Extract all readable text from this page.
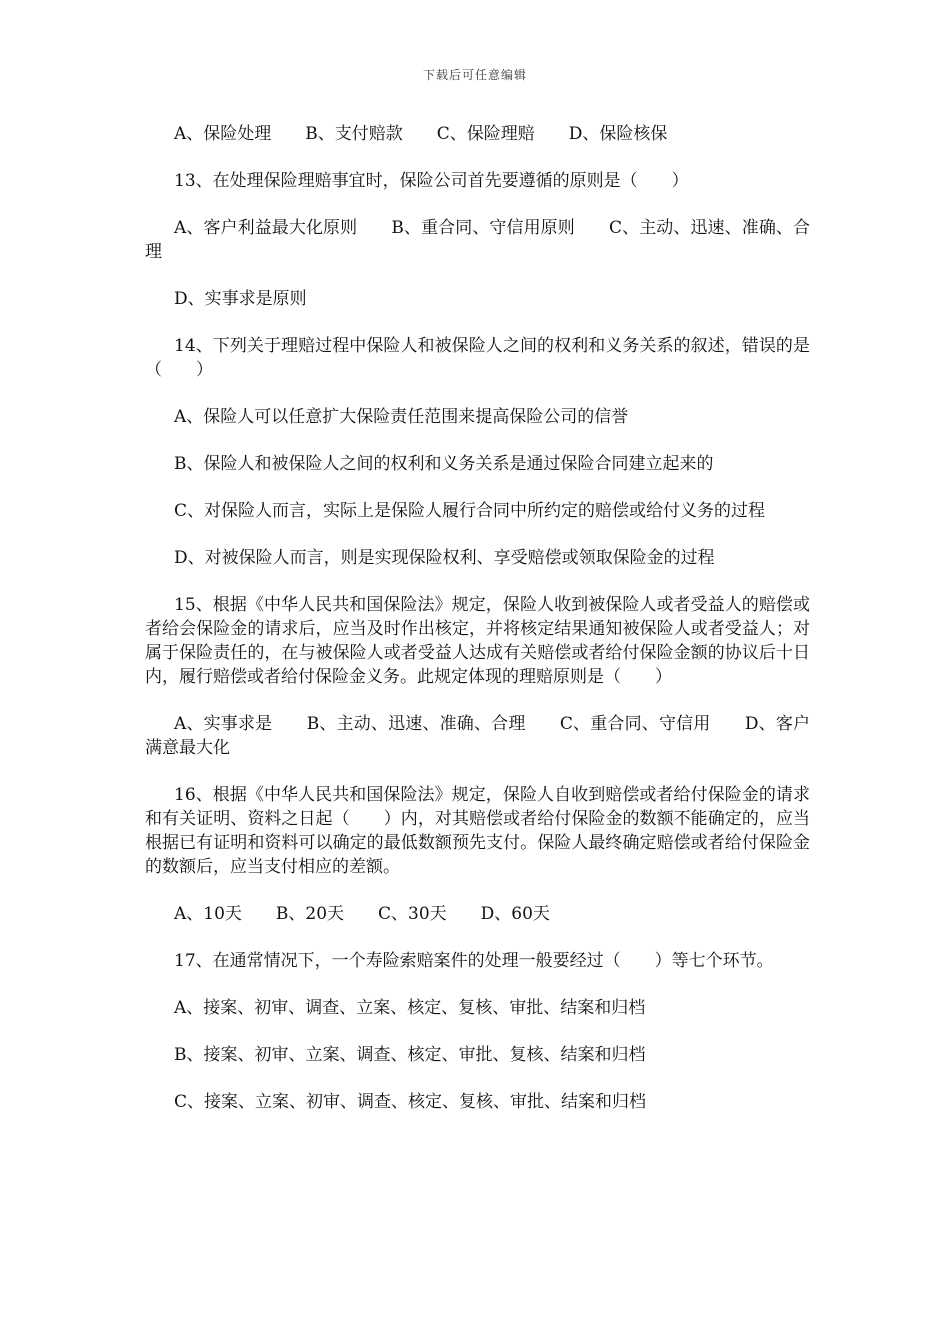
下载后可任意编辑

A、保险处理　　B、支付赔款　　C、保险理赔　　D、保险核保

13、在处理保险理赔事宜时，保险公司首先要遵循的原则是（　　）

A、客户利益最大化原则　　B、重合同、守信用原则　　C、主动、迅速、准确、合理

D、实事求是原则

14、下列关于理赔过程中保险人和被保险人之间的权利和义务关系的叙述，错误的是（　　）

A、保险人可以任意扩大保险责任范围来提高保险公司的信誉

B、保险人和被保险人之间的权利和义务关系是通过保险合同建立起来的

C、对保险人而言，实际上是保险人履行合同中所约定的赔偿或给付义务的过程

D、对被保险人而言，则是实现保险权利、享受赔偿或领取保险金的过程

15、根据《中华人民共和国保险法》规定，保险人收到被保险人或者受益人的赔偿或者给会保险金的请求后，应当及时作出核定，并将核定结果通知被保险人或者受益人；对属于保险责任的，在与被保险人或者受益人达成有关赔偿或者给付保险金额的协议后十日内，履行赔偿或者给付保险金义务。此规定体现的理赔原则是（　　）

A、实事求是　　B、主动、迅速、准确、合理　　C、重合同、守信用　　D、客户满意最大化

16、根据《中华人民共和国保险法》规定，保险人自收到赔偿或者给付保险金的请求和有关证明、资料之日起（　　）内，对其赔偿或者给付保险金的数额不能确定的，应当根据已有证明和资料可以确定的最低数额预先支付。保险人最终确定赔偿或者给付保险金的数额后，应当支付相应的差额。

A、10天　　B、20天　　C、30天　　D、60天

17、在通常情况下，一个寿险索赔案件的处理一般要经过（　　）等七个环节。

A、接案、初审、调查、立案、核定、复核、审批、结案和归档

B、接案、初审、立案、调查、核定、审批、复核、结案和归档

C、接案、立案、初审、调查、核定、复核、审批、结案和归档
